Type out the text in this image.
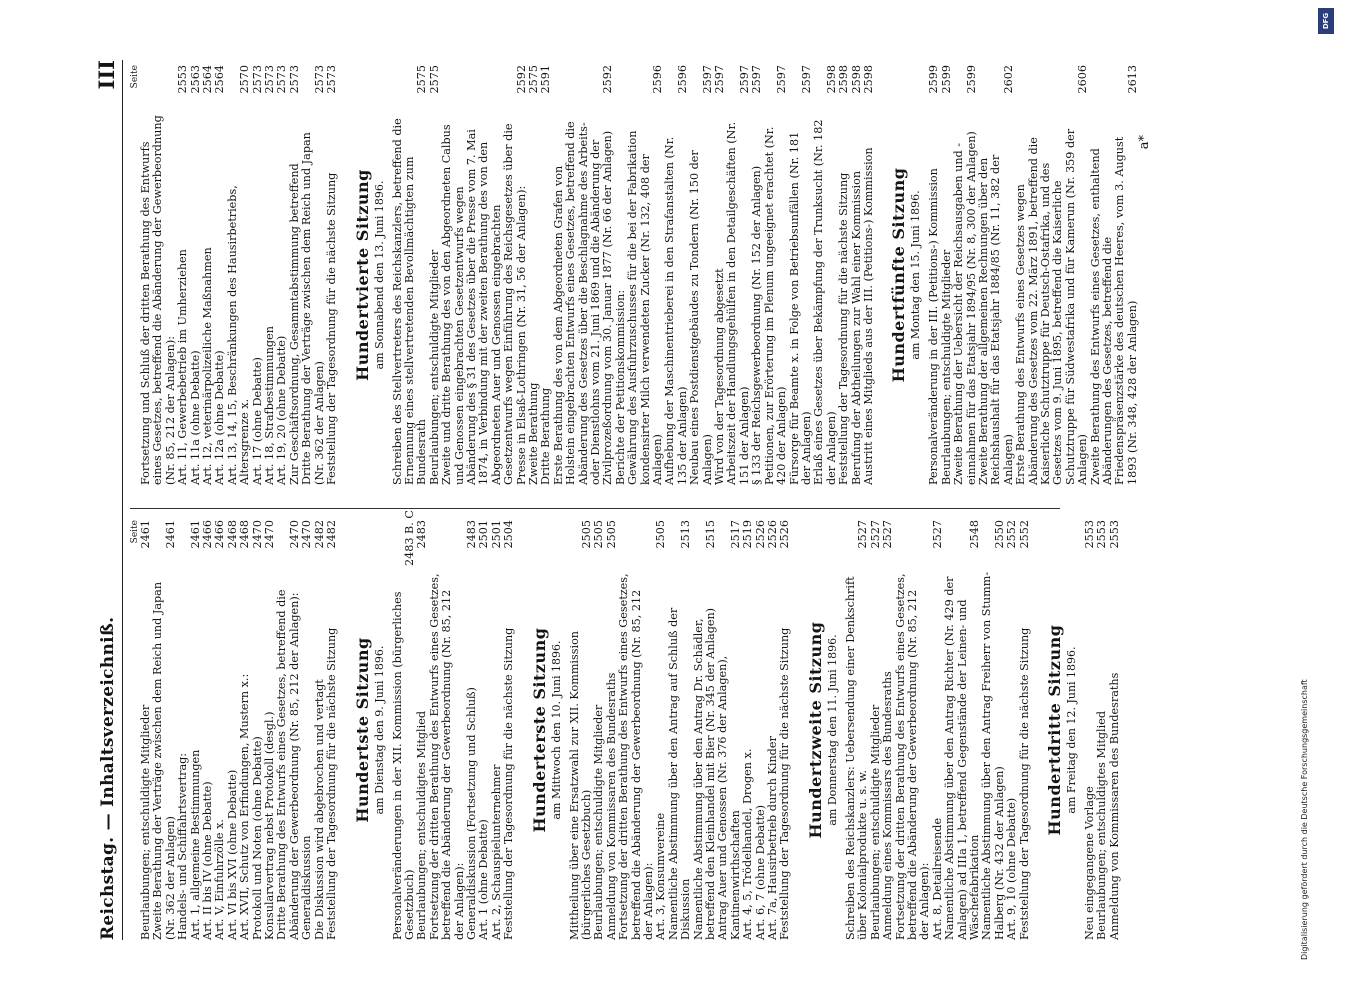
Reichstag. — Inhaltsverzeichniß.
III
Seite
Beurlaubungen; entschuldigte Mitglieder
2461
Zweite Berathung der Verträge zwischen dem Reich und Japan (Nr. 362 der Anlagen)
2461
Handels- und Schiffahrtsvertrag: Art. 1, allgemeine Bestimmungen
2461
Art. II bis IV (ohne Debatte)
2466
Art. V, Einfuhrzölle x.
2466
Art. VI bis XVI (ohne Debatte)
2468
Art. XVII, Schutz von Erfindungen, Mustern x.:
2468
Protokoll und Noten (ohne Debatte)
2470
Konsularvertrag nebst Protokoll (desgl.)
2470
Dritte Berathung des Entwurfs eines Gesetzes, betreffend die Abänderung der Gewerbeordnung (Nr. 85, 212 der Anlagen):
2470
Generaldiskussion
2470
Die Diskussion wird abgebrochen und vertagt
2482
Feststellung der Tagesordnung für die nächste Sitzung
2482
Hundertste Sitzung am Dienstag den 9. Juni 1896. Personalveränderungen in der XII. Kommission (bürgerliches Gesetzbuch)
2483 B. C
Beurlaubungen; entschuldigtes Mitglied
2483
Fortsetzung der dritten Berathung des Entwurfs eines Gesetzes, betreffend die Abänderung der Gewerbeordnung (Nr. 85, 212 der Anlagen): Generaldiskussion (Fortsetzung und Schluß)
2483
Art. 1 (ohne Debatte)
2501
Art. 2, Schauspielunternehmer
2501
Feststellung der Tagesordnung für die nächste Sitzung
2504
Hunderterste Sitzung am Mittwoch den 10. Juni 1896. Mittheilung über eine Ersatzwahl zur XII. Kommission (bürgerliches Gesetzbuch)
2505
Beurlaubungen; entschuldigte Mitglieder
2505
Anmeldung von Kommissaren des Bundesraths
2505
Fortsetzung der dritten Berathung des Entwurfs eines Gesetzes, betreffend die Abänderung der Gewerbeordnung (Nr. 85, 212 der Anlagen): Art. 3, Konsumvereine
2505
Namentliche Abstimmung über den Antrag auf Schluß der Diskussion
2513
Namentliche Abstimmung über den Antrag Dr. Schädler, betreffend den Kleinhandel mit Bier (Nr. 345 der Anlagen)
2515
Antrag Auer und Genossen (Nr. 376 der Anlagen), Kantinenwirthschaften
2517
Art. 4, 5, Trödelhandel, Drogen x.
2519
Art. 6, 7 (ohne Debatte)
2526
Art. 7a, Hausirbetrieb durch Kinder
2526
Feststellung der Tagesordnung für die nächste Sitzung
2526
Hundertzweite Sitzung am Donnerstag den 11. Juni 1896. Schreiben des Reichskanzlers: Uebersendung einer Denkschrift über Kolonialprodukte u. s. w.
2527
Beurlaubungen; entschuldigte Mitglieder
2527
Anmeldung eines Kommissars des Bundesraths
2527
Fortsetzung der dritten Berathung des Entwurfs eines Gesetzes, betreffend die Abänderung der Gewerbeordnung (Nr. 85, 212 der Anlagen): Art. 8, Detailreisende
2527
Namentliche Abstimmung über den Antrag Richter (Nr. 429 der Anlagen) ad IIIa 1, betreffend Gegenstände der Leinen- und Wäschefabrikation
2548
Namentliche Abstimmung über den Antrag Freiherr von Stumm-Halberg (Nr. 432 der Anlagen)
2550
Art. 9, 10 (ohne Debatte)
2552
Feststellung der Tagesordnung für die nächste Sitzung
2552
Hundertdritte Sitzung am Freitag den 12. Juni 1896.
Neu eingegangene Vorlage
2553
Beurlaubungen; entschuldigtes Mitglied
2553
Anmeldung von Kommissaren des Bundesraths
2553
Seite
Fortsetzung und Schluß der dritten Berathung des Entwurfs eines Gesetzes, betreffend die Abänderung der Gewerbeordnung (Nr. 85, 212 der Anlagen): Art. 11, Gewerbebetrieb im Umherziehen
2553
Art. 11a (ohne Debatte)
2563
Art. 12, veterinärpolizeiliche Maßnahmen
2564
Art. 12a (ohne Debatte)
2564
Art. 13, 14, 15, Beschränkungen des Hausirbetriebs, Altersgrenze x.
2570
Art. 17 (ohne Debatte)
2573
Art. 18, Strafbestimmungen
2573
Art. 19, 20 (ohne Debatte)
2573
Zur Geschäftsordnung, Gesammtabstimmung betreffend
2573
Dritte Berathung der Verträge zwischen dem Reich und Japan (Nr. 362 der Anlagen)
2573
Feststellung der Tagesordnung für die nächste Sitzung
2573
Hundertvierte Sitzung am Sonnabend den 13. Juni 1896. Schreiben des Stellvertreters des Reichskanzlers, betreffend die Ernennung eines stellvertretenden Bevollmächtigten zum Bundesrath
2575
Beurlaubungen; entschuldigte Mitglieder
2575
Zweite und dritte Berathung des von den Abgeordneten Calbus und Genossen eingebrachten Gesetzentwurfs wegen Abänderung des § 31 des Gesetzes über die Presse vom 7. Mai 1874, in Verbindung mit der zweiten Berathung des von den Abgeordneten Auer und Genossen eingebrachten Gesetzentwurfs wegen Einführung des Reichsgesetzes über die Presse in Elsaß-Lothringen (Nr. 31, 56 der Anlagen):
2592
Zweite Berathung
2575
Dritte Berathung
2591
Erste Berathung des von dem Abgeordneten Grafen von Holstein eingebrachten Entwurfs eines Gesetzes, betreffend die Abänderung des Gesetzes über die Beschlagnahme des Arbeits- oder Dienstlohns vom 21. Juni 1869 und die Abänderung der Zivilprozeßordnung vom 30. Januar 1877 (Nr. 66 der Anlagen)
2592
Berichte der Petitionskommission: Gewährung des Ausfuhrzuschusses für die bei der Fabrikation kondensirter Milch verwendeten Zucker (Nr. 132, 408 der Anlagen)
2596
Aufhebung der Maschinentrieberei in den Strafanstalten (Nr. 135 der Anlagen)
2596
Neubau eines Postdienstgebäudes zu Tondern (Nr. 150 der Anlagen)
2597
Wird von der Tagesordnung abgesetzt
2597
Arbeitszeit der Handlungsgehülfen in den Detailgeschäften (Nr. 151 der Anlagen)
2597
§ 133 der Reichsgewerbeordnung (Nr. 152 der Anlagen)
2597
Petitionen, zur Erörterung im Plenum ungeeignet erachtet (Nr. 420 der Anlagen)
2597
Fürsorge für Beamte x. in Folge von Betriebsunfällen (Nr. 181 der Anlagen)
2597
Erlaß eines Gesetzes über Bekämpfung der Trunksucht (Nr. 182 der Anlagen)
2598
Feststellung der Tagesordnung für die nächste Sitzung
2598
Berufung der Abtheilungen zur Wahl einer Kommission
2598
Austritt eines Mitglieds aus der III. (Petitions-) Kommission
2598
Hundertfünfte Sitzung am Montag den 15. Juni 1896. Personalveränderung in der III. (Petitions-) Kommission
2599
Beurlaubungen; entschuldigte Mitglieder
2599
Zweite Berathung der Uebersicht der Reichsausgaben und -einnahmen für das Etatsjahr 1894/95 (Nr. 8, 300 der Anlagen)
2599
Zweite Berathung der allgemeinen Rechnungen über den Reichshaushalt für das Etatsjahr 1884/85 (Nr. 11, 382 der Anlagen)
2602
Erste Berathung des Entwurfs eines Gesetzes wegen Abänderung des Gesetzes vom 22. März 1891, betreffend die Kaiserliche Schutztruppe für Deutsch-Ostafrika, und des Gesetzes vom 9. Juni 1895, betreffend die Kaiserliche Schutztruppe für Südwestafrika und für Kamerun (Nr. 359 der Anlagen)
2606
Zweite Berathung des Entwurfs eines Gesetzes, enthaltend Abänderungen des Gesetzes, betreffend die Friedenspräsenzstärke des deutschen Heeres, vom 3. August 1893 (Nr. 348, 428 der Anlagen)
2613
a*
DFG
Digitalisierung gefördert durch die Deutsche Forschungsgemeinschaft
